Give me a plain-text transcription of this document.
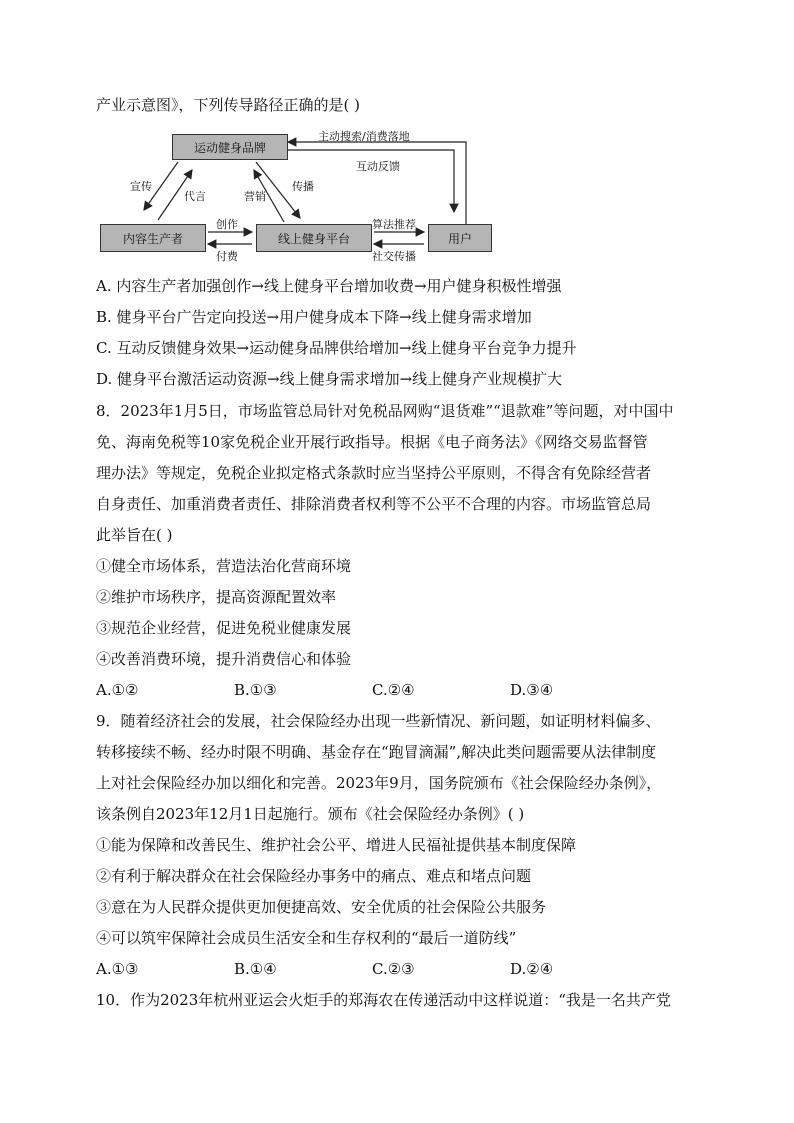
产业示意图》，下列传导路径正确的是( )
运动健身品牌
内容生产者	线上健身平台	用户
主动搜索/消费落地
互动反馈
宣传
代言	营销
传播
创作
付费
算法推荐
社交传播
A. 内容生产者加强创作→线上健身平台增加收费→用户健身积极性增强
B. 健身平台广告定向投送→用户健身成本下降→线上健身需求增加
C. 互动反馈健身效果→运动健身品牌供给增加→线上健身平台竞争力提升
D. 健身平台激活运动资源→线上健身需求增加→线上健身产业规模扩大
8．2023年1月5日，市场监管总局针对免税品网购“退货难”“退款难”等问题，对中国中
免、海南免税等10家免税企业开展行政指导。根据《电子商务法》《网络交易监督管
理办法》等规定，免税企业拟定格式条款时应当坚持公平原则，不得含有免除经营者
自身责任、加重消费者责任、排除消费者权利等不公平不合理的内容。市场监管总局
此举旨在( )
①健全市场体系，营造法治化营商环境
②维护市场秩序，提高资源配置效率
③规范企业经营，促进免税业健康发展
④改善消费环境，提升消费信心和体验
A.①②	B.①③	C.②④	D.③④
9．随着经济社会的发展，社会保险经办出现一些新情况、新问题，如证明材料偏多、
转移接续不畅、经办时限不明确、基金存在“跑冒滴漏”,解决此类问题需要从法律制度
上对社会保险经办加以细化和完善。2023年9月，国务院颁布《社会保险经办条例》，
该条例自2023年12月1日起施行。颁布《社会保险经办条例》( )
①能为保障和改善民生、维护社会公平、增进人民福祉提供基本制度保障
②有利于解决群众在社会保险经办事务中的痛点、难点和堵点问题
③意在为人民群众提供更加便捷高效、安全优质的社会保险公共服务
④可以筑牢保障社会成员生活安全和生存权利的“最后一道防线”
A.①③	B.①④	C.②③	D.②④
10．作为2023年杭州亚运会火炬手的郑海农在传递活动中这样说道：“我是一名共产党
